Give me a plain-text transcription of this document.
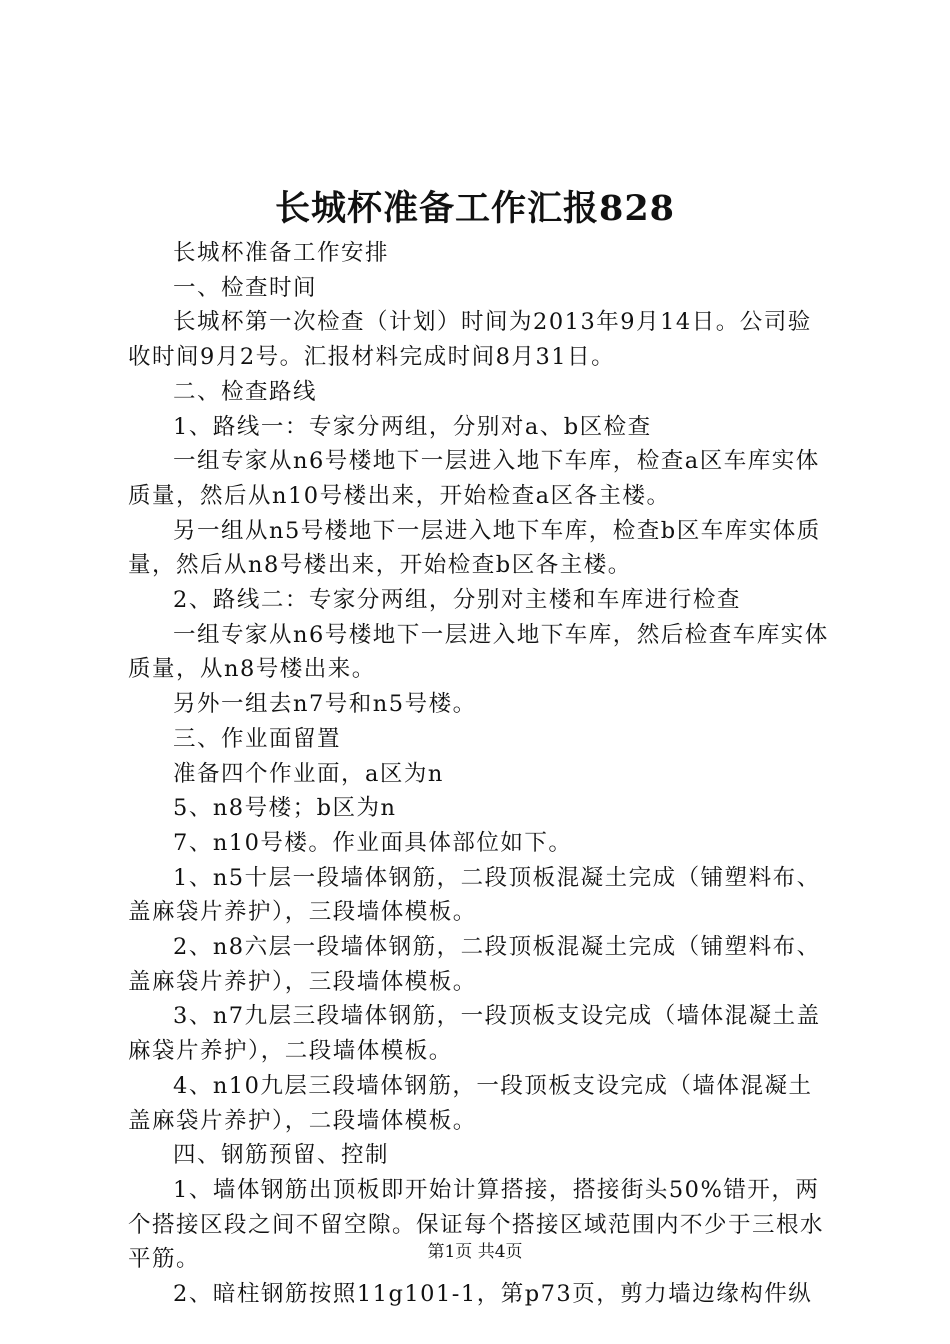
长城杯准备工作汇报828

长城杯准备工作安排

一、检查时间

长城杯第一次检查（计划）时间为2013年9月14日。公司验收时间9月2号。汇报材料完成时间8月31日。

二、检查路线

1、路线一：专家分两组，分别对a、b区检查

一组专家从n6号楼地下一层进入地下车库，检查a区车库实体质量，然后从n10号楼出来，开始检查a区各主楼。

另一组从n5号楼地下一层进入地下车库，检查b区车库实体质量，然后从n8号楼出来，开始检查b区各主楼。

2、路线二：专家分两组，分别对主楼和车库进行检查

一组专家从n6号楼地下一层进入地下车库，然后检查车库实体质量，从n8号楼出来。

另外一组去n7号和n5号楼。

三、作业面留置

准备四个作业面，a区为n

5、n8号楼；b区为n

7、n10号楼。作业面具体部位如下。

1、n5十层一段墙体钢筋，二段顶板混凝土完成（铺塑料布、盖麻袋片养护），三段墙体模板。

2、n8六层一段墙体钢筋，二段顶板混凝土完成（铺塑料布、盖麻袋片养护），三段墙体模板。

3、n7九层三段墙体钢筋，一段顶板支设完成（墙体混凝土盖麻袋片养护），二段墙体模板。

4、n10九层三段墙体钢筋，一段顶板支设完成（墙体混凝土盖麻袋片养护），二段墙体模板。

四、钢筋预留、控制

1、墙体钢筋出顶板即开始计算搭接，搭接街头50%错开，两个搭接区段之间不留空隙。保证每个搭接区域范围内不少于三根水平筋。

2、暗柱钢筋按照11g101-1，第p73页，剪力墙边缘构件纵

第1页 共4页
